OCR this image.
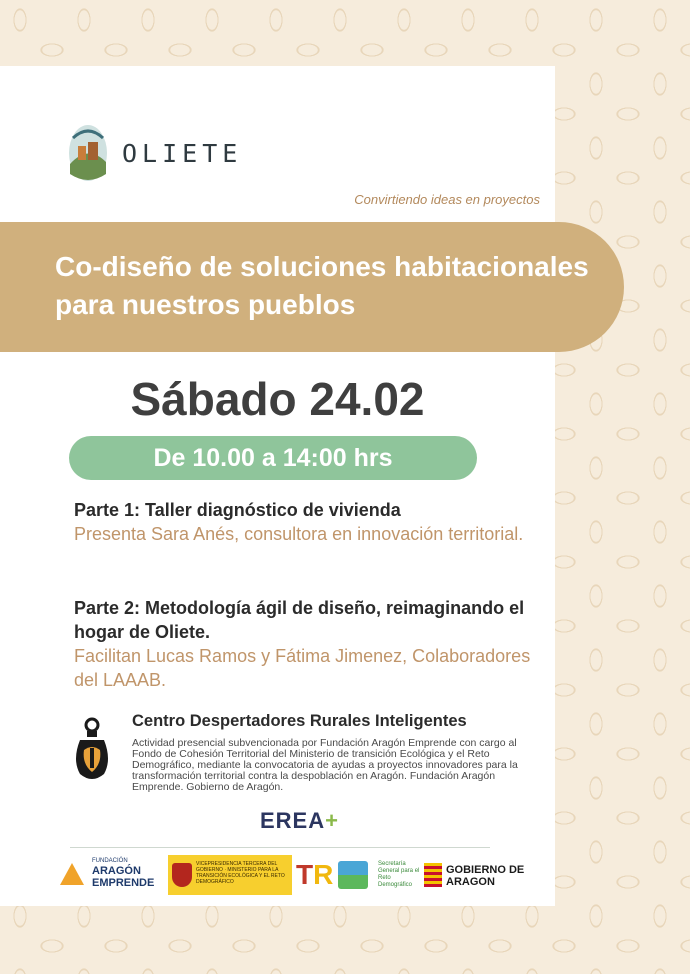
OLIETE
Convirtiendo ideas en proyectos
Co-diseño de soluciones habitacionales para nuestros pueblos
Sábado 24.02
De 10.00 a 14:00 hrs
Parte 1: Taller diagnóstico de vivienda
Presenta Sara Anés, consultora en innovación territorial.
Parte 2: Metodología ágil de diseño, reimaginando el hogar de Oliete.
Facilitan Lucas Ramos y Fátima Jimenez, Colaboradores del LAAAB.
Centro Despertadores Rurales Inteligentes
Actividad presencial subvencionada por Fundación Aragón Emprende con cargo al Fondo de Cohesión Territorial del Ministerio de transición Ecológica y el Reto Demográfico, mediante la convocatoria de ayudas a proyectos innovadores para la transformación territorial contra la despoblación en Aragón. Fundación Aragón Emprende. Gobierno de Aragón.
EREA+
FUNDACIÓN
ARAGÓN EMPRENDE
VICEPRESIDENCIA TERCERA DEL GOBIERNO · MINISTERIO PARA LA TRANSICIÓN ECOLÓGICA Y EL RETO DEMOGRÁFICO	TR	Secretaría General para el Reto Demográfico
GOBIERNO DE ARAGON
